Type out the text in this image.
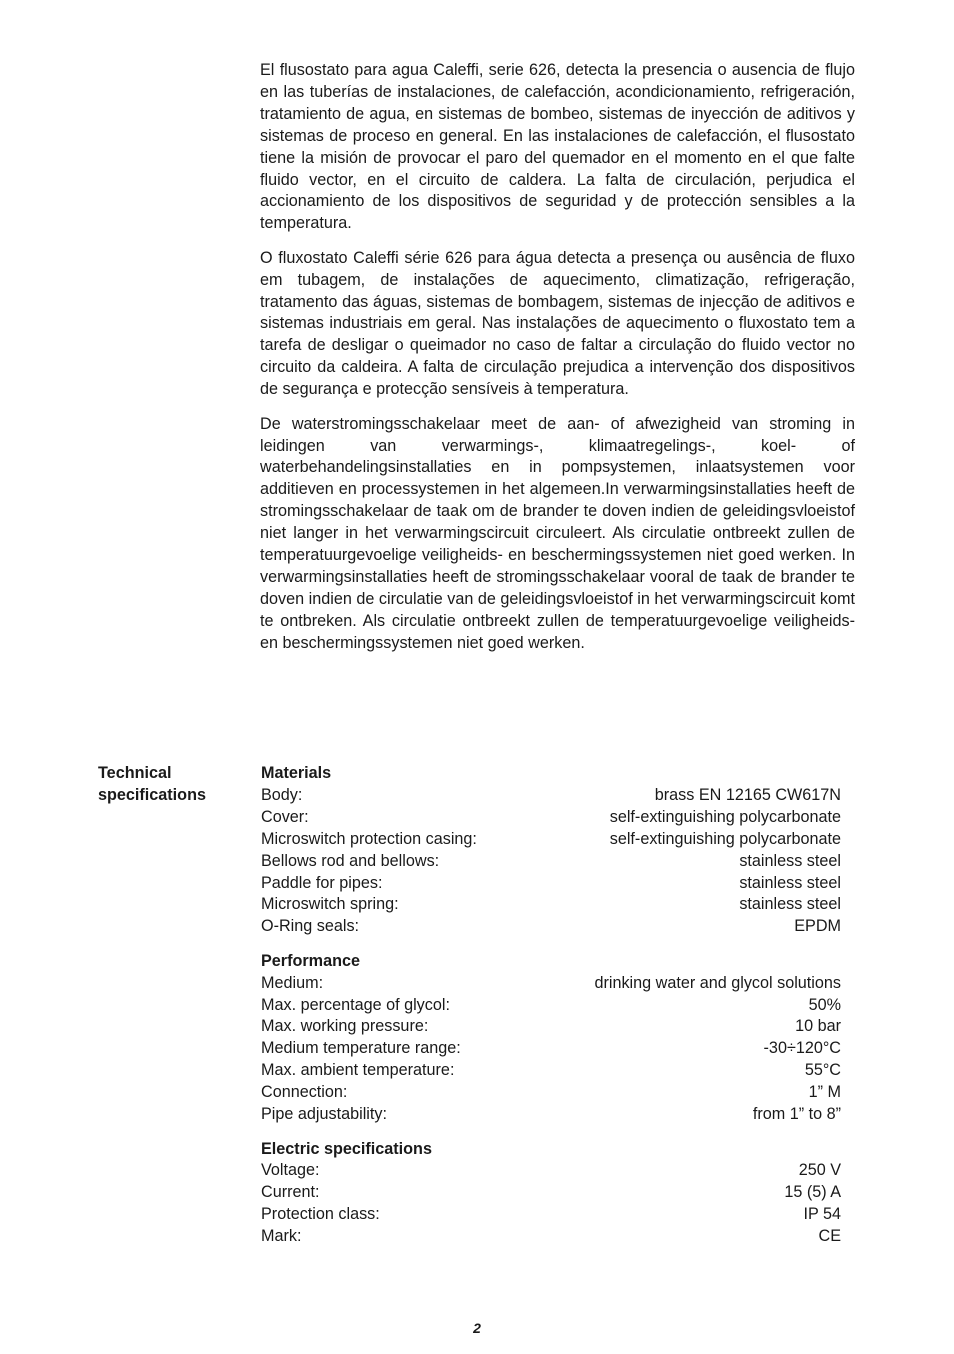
El flusostato para agua Caleffi, serie 626, detecta la presencia o ausencia de flujo en las tuberías de instalaciones, de calefacción, acondicionamiento, refrigeración, tratamiento de agua, en sistemas de bombeo, sistemas de inyección de aditivos y sistemas de proceso en general. En las instalaciones de calefacción, el flusostato tiene la misión de provocar el paro del quemador en el momento en el que falte fluido vector, en el circuito de caldera. La falta de circulación, perjudica el accionamiento de los dispositivos de seguridad y de protección sensibles a la temperatura.

O fluxostato Caleffi série 626 para água detecta a presença ou ausência de fluxo em tubagem, de instalações de aquecimento, climatização, refrigeração, tratamento das águas, sistemas de bombagem, sistemas de injecção de aditivos e sistemas industriais em geral. Nas instalações de aquecimento o fluxostato tem a tarefa de desligar o queimador no caso de faltar a circulação do fluido vector no circuito da caldeira. A falta de circulação prejudica a intervenção dos dispositivos de segurança e protecção sensíveis à temperatura.

De waterstromingsschakelaar meet de aan- of afwezigheid van stroming in leidingen van verwarmings-, klimaatregelings-, koel- of waterbehandelingsinstallaties en in pompsystemen, inlaatsystemen voor additieven en processystemen in het algemeen.In verwarmingsinstallaties heeft de stromingsschakelaar de taak om de brander te doven indien de geleidingsvloeistof niet langer in het verwarmingscircuit circuleert. Als circulatie ontbreekt zullen de temperatuurgevoelige veiligheids- en beschermingssystemen niet goed werken. In verwarmingsinstallaties heeft de stromingsschakelaar vooral de taak de brander te doven indien de circulatie van de geleidingsvloeistof in het verwarmingscircuit komt te ontbreken. Als circulatie ontbreekt zullen de temperatuurgevoelige veiligheids- en beschermingssystemen niet goed werken.

Technical
specifications
Materials
Body:	brass EN 12165 CW617N
Cover:	self-extinguishing polycarbonate
Microswitch protection casing:	self-extinguishing polycarbonate
Bellows rod and bellows:	stainless steel
Paddle for pipes:	stainless steel
Microswitch spring:	stainless steel
O-Ring seals:	EPDM
Performance
Medium:	drinking water and glycol solutions
Max. percentage of glycol:	50%
Max. working pressure:	10 bar
Medium temperature range:	-30÷120°C
Max. ambient temperature:	55°C
Connection:	1” M
Pipe adjustability:	from 1” to 8”
Electric specifications
Voltage:	250 V
Current:	15 (5) A
Protection class:	IP 54
Mark:	CE
2
